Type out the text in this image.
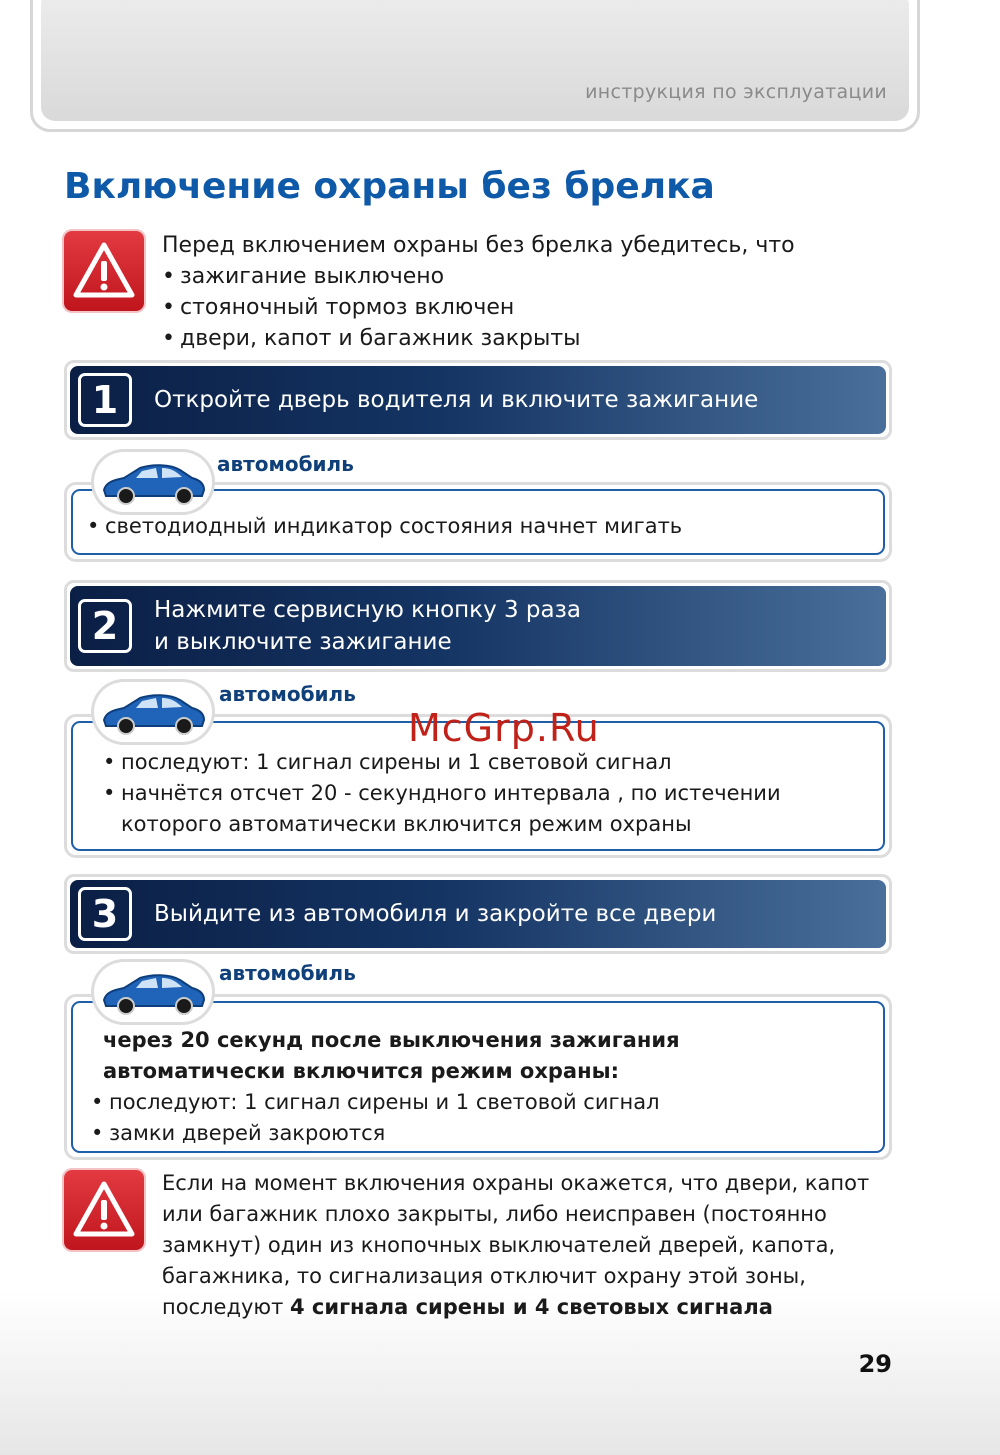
инструкция по эксплуатации
Включение охраны без брелка
Перед включением охраны без брелка убедитесь, что
• зажигание выключено
• стояночный тормоз включен
• двери, капот и багажник закрыты
1	Откройте дверь водителя и включите зажигание
• светодиодный индикатор состояния начнет мигать
автомобиль
2	Нажмите сервисную кнопку 3 раза
и выключите зажигание
• последуют: 1 сигнал сирены и 1 световой сигнал
• начнётся отсчет 20 - секундного интервала , по истечении
которого автоматически включится режим охраны
автомобиль
3	Выйдите из автомобиля и закройте все двери
через 20 секунд после выключения зажигания
автоматически включится режим охраны:
• последуют: 1 сигнал сирены и 1 световой сигнал
• замки дверей закроются
автомобиль
Если на момент включения охраны окажется, что двери, капот
или багажник плохо закрыты, либо неисправен (постоянно
замкнут) один из кнопочных выключателей дверей, капота,
багажника, то сигнализация отключит охрану этой зоны,
последуют 4 сигнала сирены и 4 световых сигнала
McGrp.Ru
29
